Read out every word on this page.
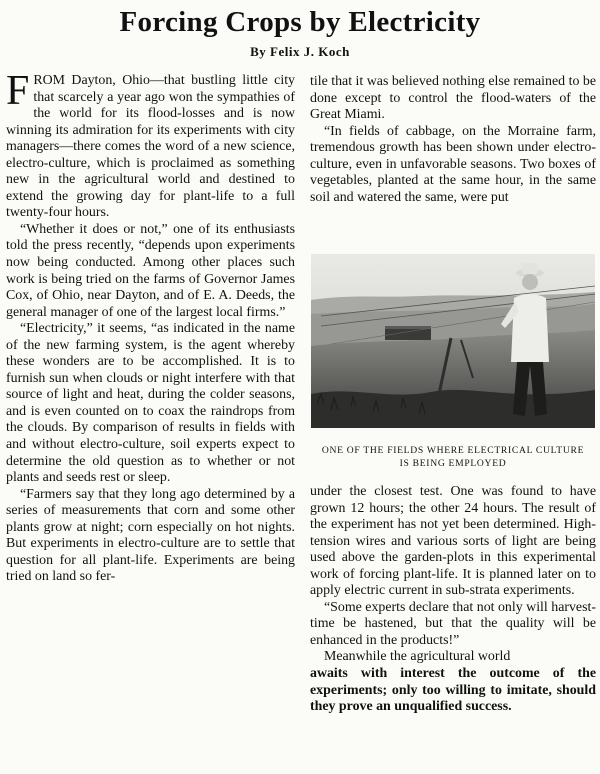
Forcing Crops by Electricity
By Felix J. Koch

FROM Dayton, Ohio—that bustling little city that scarcely a year ago won the sympathies of the world for its flood-losses and is now winning its admiration for its experiments with city managers—there comes the word of a new science, electro-culture, which is proclaimed as something new in the agricultural world and destined to extend the growing day for plant-life to a full twenty-four hours.

“Whether it does or not,” one of its enthusiasts told the press recently, “depends upon experiments now being conducted. Among other places such work is being tried on the farms of Governor James Cox, of Ohio, near Dayton, and of E. A. Deeds, the general manager of one of the largest local firms.”

“Electricity,” it seems, “as indicated in the name of the new farming system, is the agent whereby these wonders are to be accomplished. It is to furnish sun when clouds or night interfere with that source of light and heat, during the colder seasons, and is even counted on to coax the raindrops from the clouds. By comparison of results in fields with and without electro-culture, soil experts expect to determine the old question as to whether or not plants and seeds rest or sleep.

“Farmers say that they long ago determined by a series of measurements that corn and some other plants grow at night; corn especially on hot nights. But experiments in electro-culture are to settle that question for all plant-life. Experiments are being tried on land so fer-

tile that it was believed nothing else remained to be done except to control the flood-waters of the Great Miami.

“In fields of cabbage, on the Morraine farm, tremendous growth has been shown under electro-culture, even in unfavorable seasons. Two boxes of vegetables, planted at the same hour, in the same soil and watered the same, were put

ONE OF THE FIELDS WHERE ELECTRICAL CULTURE
IS BEING EMPLOYED

under the closest test. One was found to have grown 12 hours; the other 24 hours. The result of the experiment has not yet been determined. High-tension wires and various sorts of light are being used above the garden-plots in this experimental work of forcing plant-life. It is planned later on to apply electric current in sub-strata experiments.

“Some experts declare that not only will harvest-time be hastened, but that the quality will be enhanced in the products!”

Meanwhile the agricultural world

awaits with interest the outcome of the experiments; only too willing to imitate, should they prove an unqualified success.
